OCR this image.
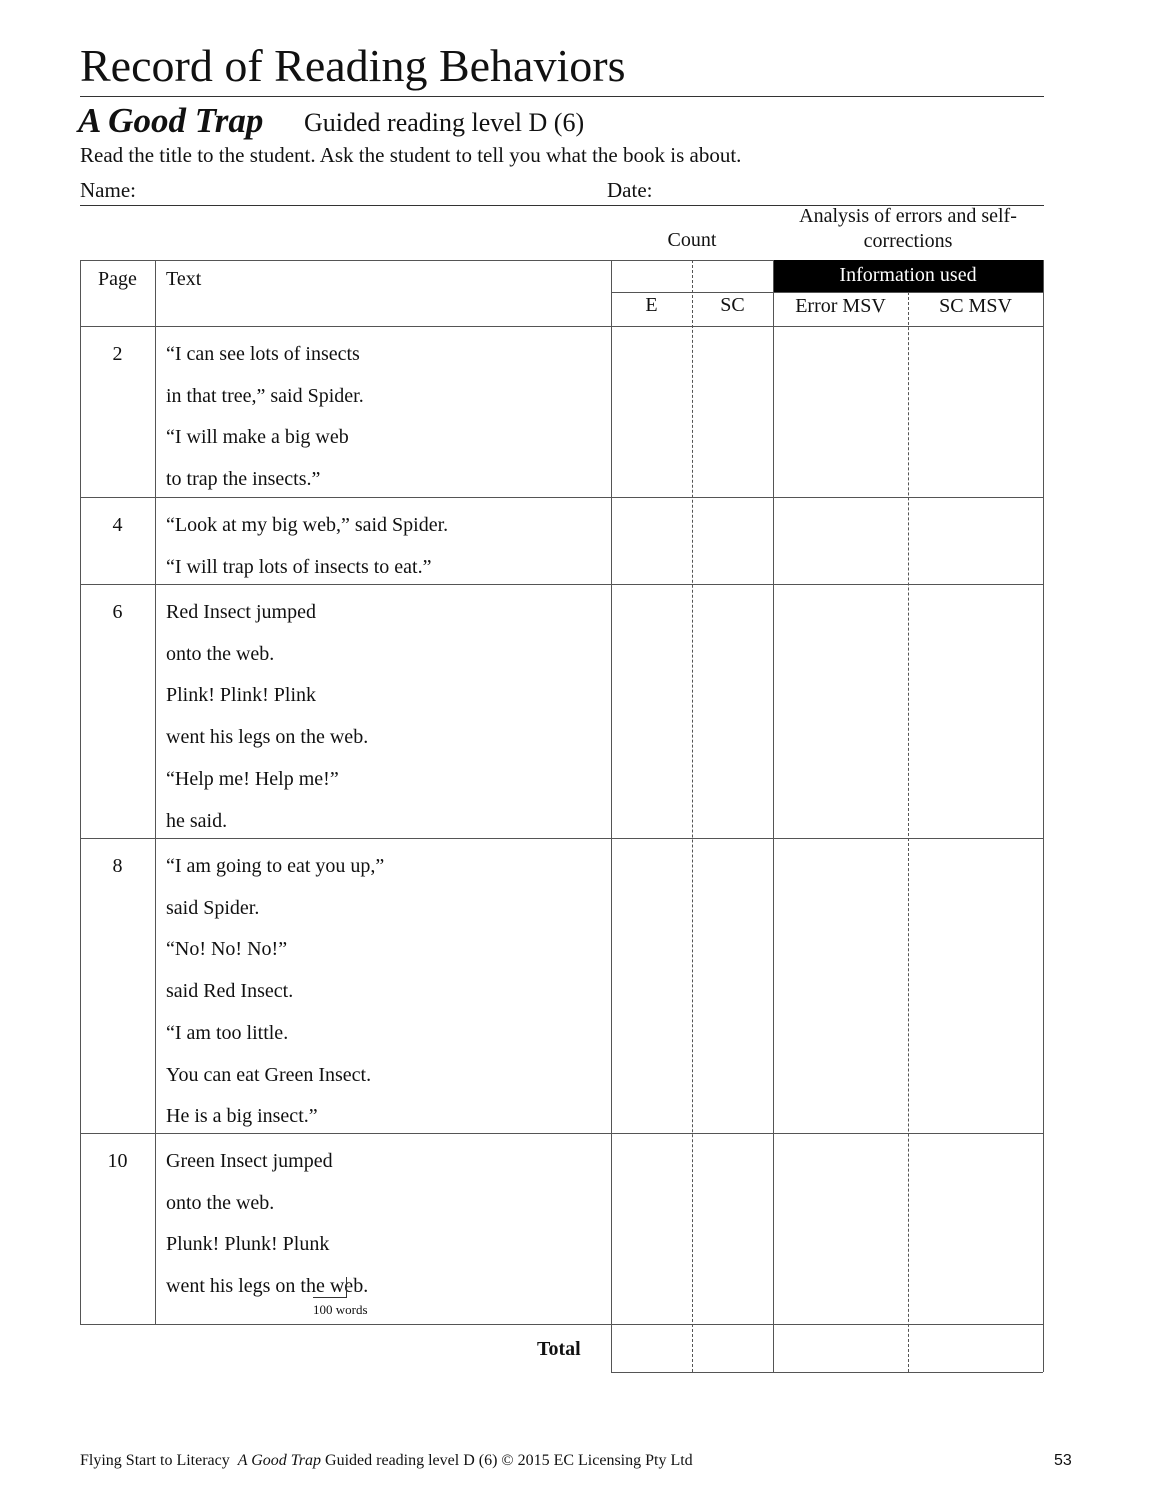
Record of Reading Behaviors
A Good Trap Guided reading level D (6)
Read the title to the student. Ask the student to tell you what the book is about.
Name:	Date:
Count
Analysis of errors and self-corrections
Information used
Page	Text
E	SC	Error MSV	SC MSV
100 words
Total
Flying Start to Literacy A Good Trap Guided reading level D (6) © 2015 EC Licensing Pty Ltd	53
2	“I can see lots of insects
in that tree,” said Spider.
“I will make a big web
to trap the insects.”
4	“Look at my big web,” said Spider.
“I will trap lots of insects to eat.”
6	Red Insect jumped
onto the web.
Plink! Plink! Plink
went his legs on the web.
“Help me! Help me!”
he said.
8	“I am going to eat you up,”
said Spider.
“No! No! No!”
said Red Insect.
“I am too little.
You can eat Green Insect.
He is a big insect.”
10	Green Insect jumped
onto the web.
Plunk! Plunk! Plunk
went his legs on the web.
